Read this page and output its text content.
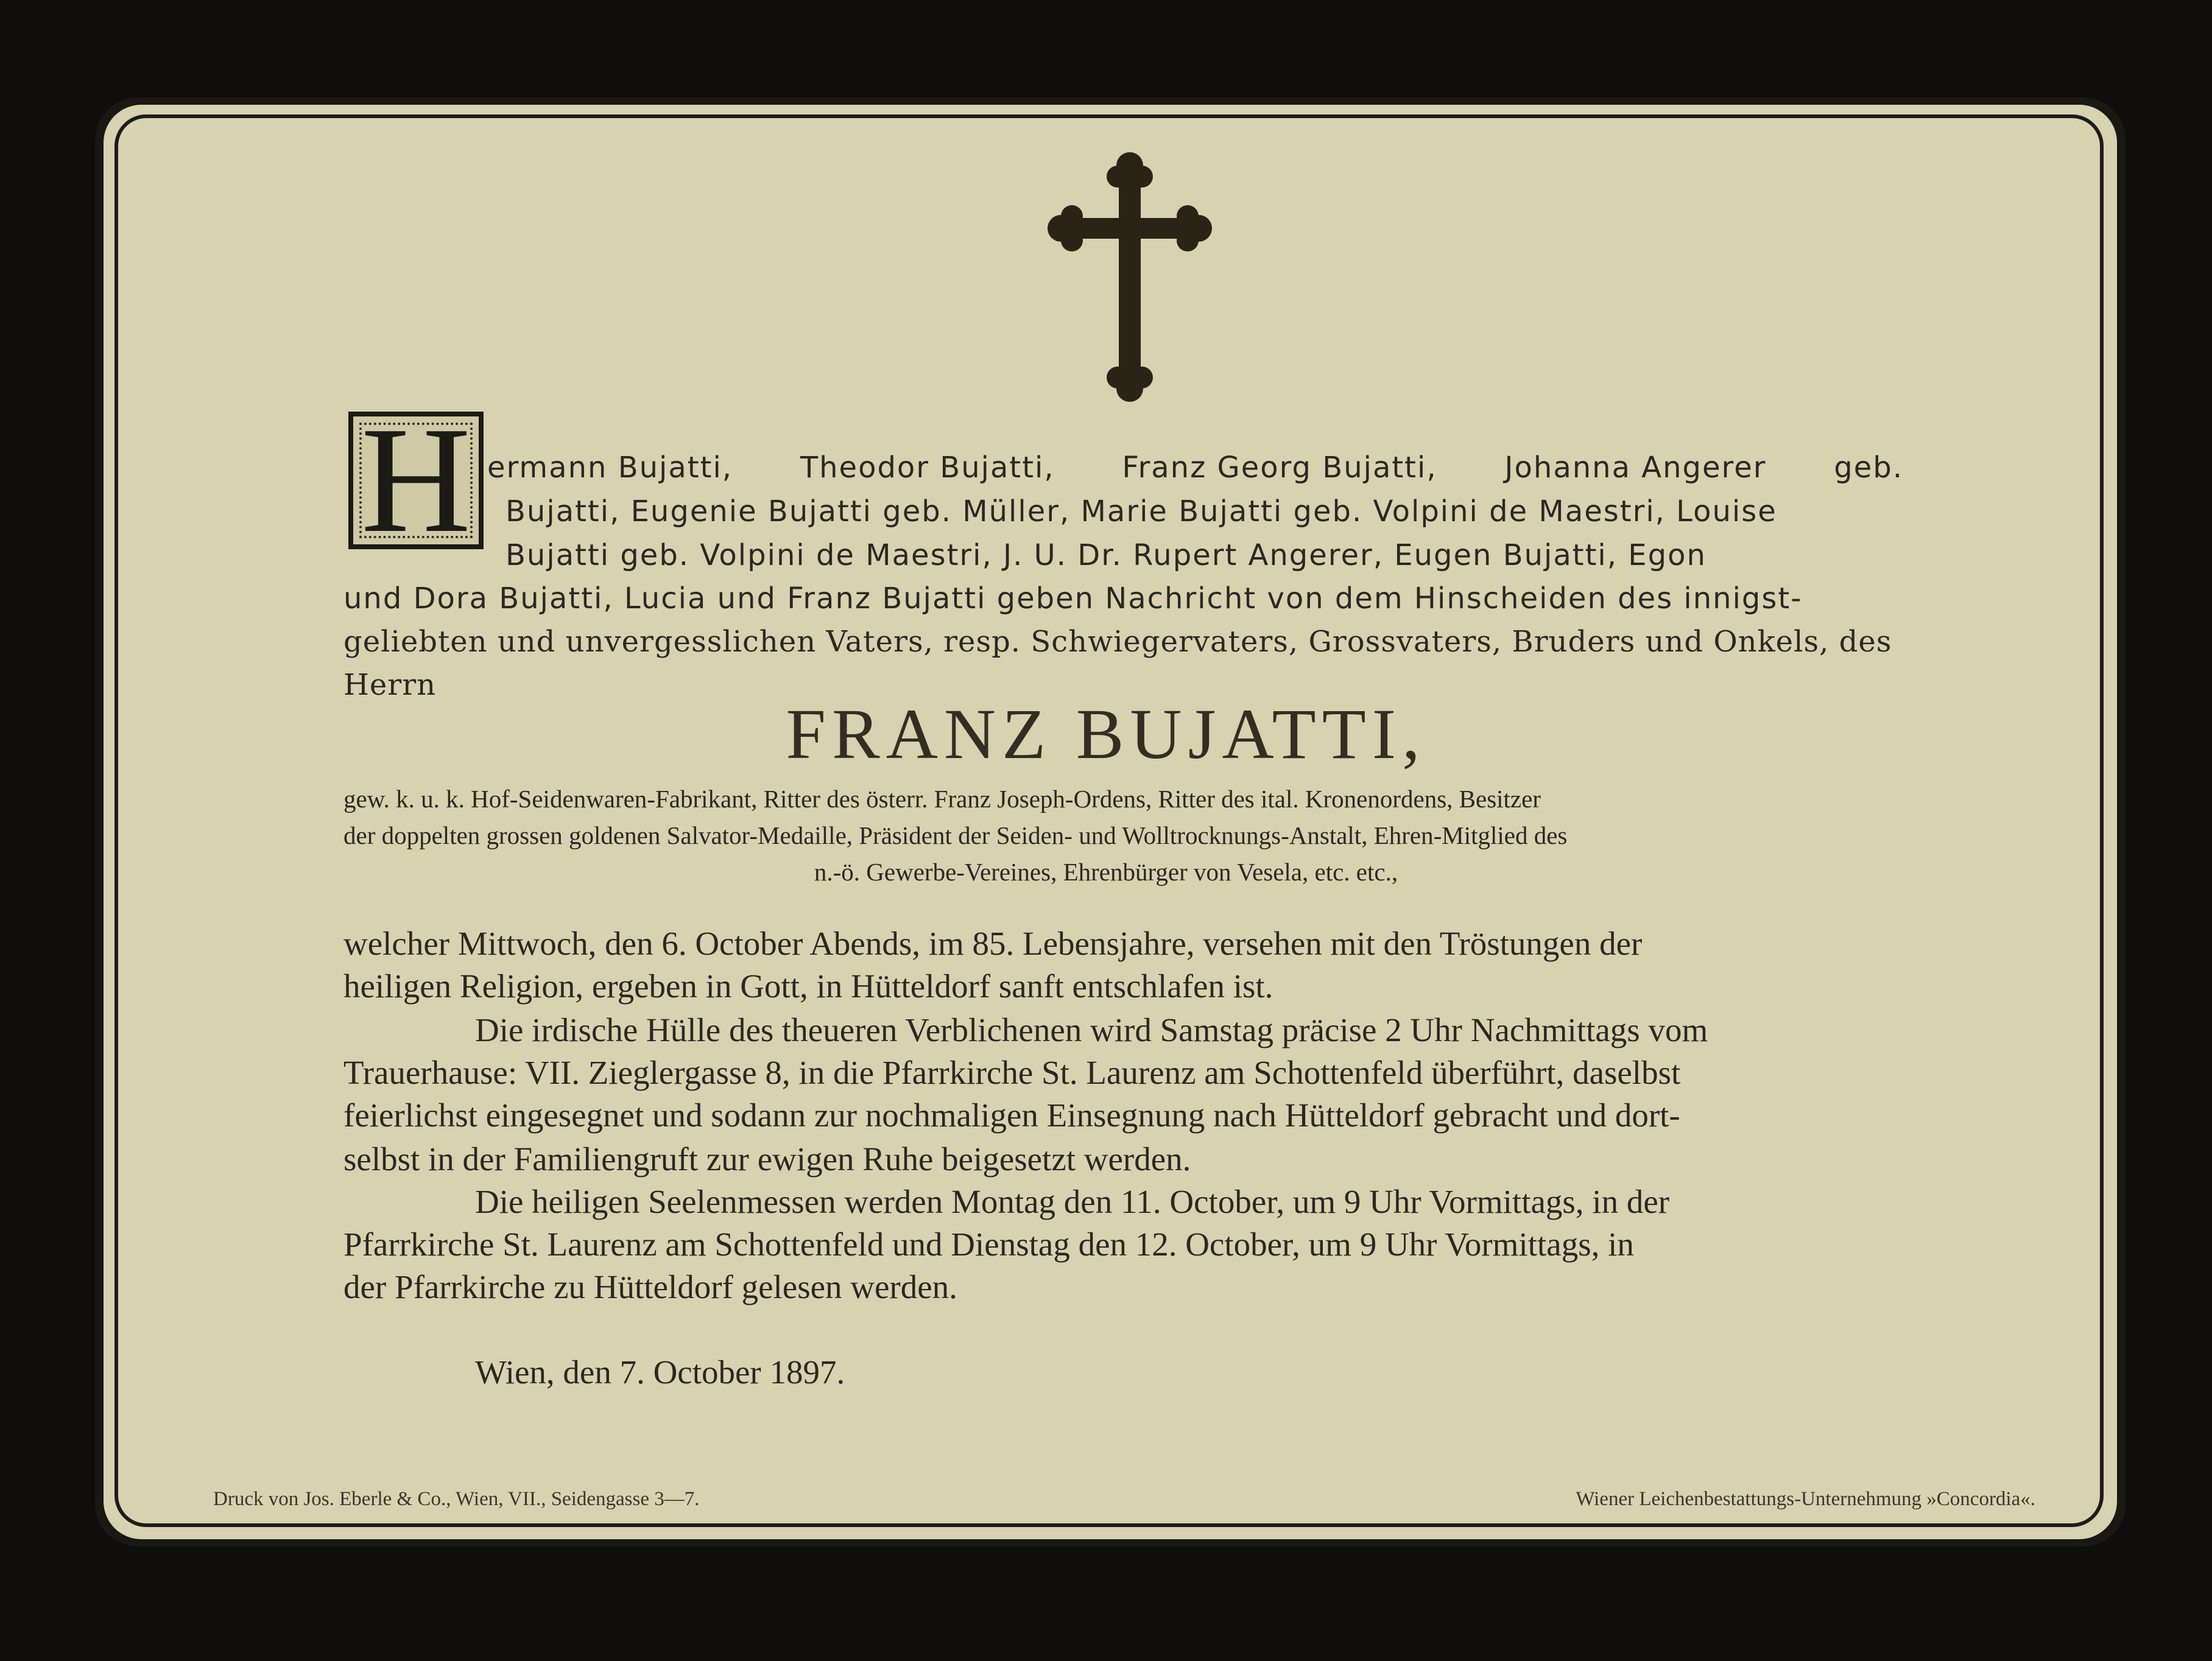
H ermann Bujatti, Theodor Bujatti, Franz Georg Bujatti, Johanna Angerer geb.
Bujatti, Eugenie Bujatti geb. Müller, Marie Bujatti geb. Volpini de Maestri, Louise
Bujatti geb. Volpini de Maestri, J. U. Dr. Rupert Angerer, Eugen Bujatti, Egon
und Dora Bujatti, Lucia und Franz Bujatti geben Nachricht von dem Hinscheiden des innigst-
geliebten und unvergesslichen Vaters, resp. Schwiegervaters, Grossvaters, Bruders und Onkels, des
Herrn
FRANZ BUJATTI,
gew. k. u. k. Hof-Seidenwaren-Fabrikant, Ritter des österr. Franz Joseph-Ordens, Ritter des ital. Kronenordens, Besitzer
der doppelten grossen goldenen Salvator-Medaille, Präsident der Seiden- und Wolltrocknungs-Anstalt, Ehren-Mitglied des
n.-ö. Gewerbe-Vereines, Ehrenbürger von Vesela, etc. etc.,
welcher Mittwoch, den 6. October Abends, im 85. Lebensjahre, versehen mit den Tröstungen der
heiligen Religion, ergeben in Gott, in Hütteldorf sanft entschlafen ist.
Die irdische Hülle des theueren Verblichenen wird Samstag präcise 2 Uhr Nachmittags vom
Trauerhause: VII. Zieglergasse 8, in die Pfarrkirche St. Laurenz am Schottenfeld überführt, daselbst
feierlichst eingesegnet und sodann zur nochmaligen Einsegnung nach Hütteldorf gebracht und dort-
selbst in der Familiengruft zur ewigen Ruhe beigesetzt werden.
Die heiligen Seelenmessen werden Montag den 11. October, um 9 Uhr Vormittags, in der
Pfarrkirche St. Laurenz am Schottenfeld und Dienstag den 12. October, um 9 Uhr Vormittags, in
der Pfarrkirche zu Hütteldorf gelesen werden.
Wien, den 7. October 1897.
Druck von Jos. Eberle & Co., Wien, VII., Seidengasse 3—7.	Wiener Leichenbestattungs-Unternehmung »Concordia«.
